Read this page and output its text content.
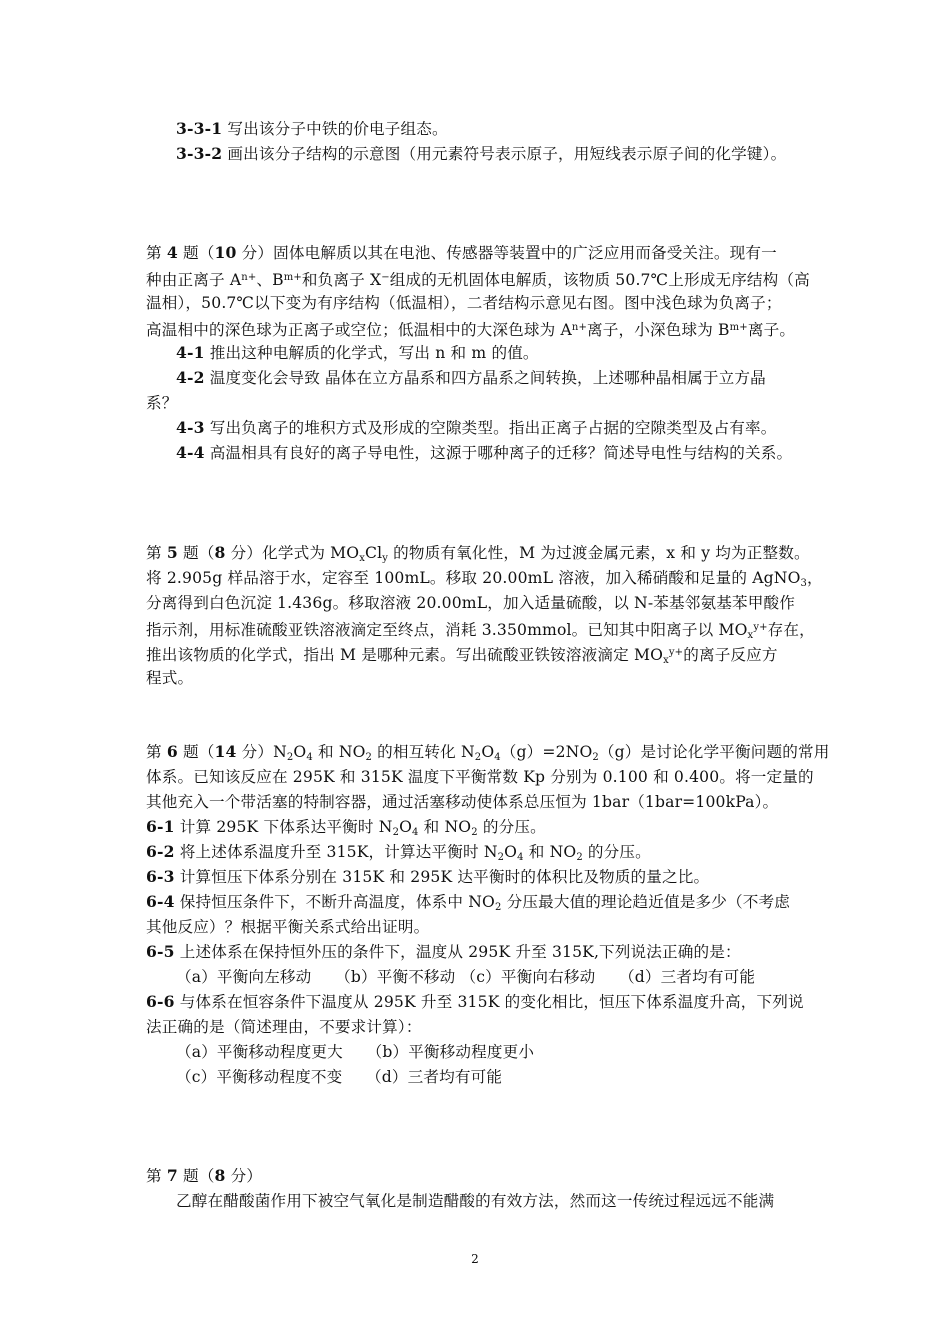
3-3-1 写出该分子中铁的价电子组态。
3-3-2 画出该分子结构的示意图（用元素符号表示原子，用短线表示原子间的化学键）。
第 4 题（10 分）固体电解质以其在电池、传感器等装置中的广泛应用而备受关注。现有一
种由正离子 $A^{n+}$、$B^{m+}$和负离子 X−组成的无机固体电解质，该物质 50.7℃上形成无序结构（高
温相），50.7℃以下变为有序结构（低温相），二者结构示意见右图。图中浅色球为负离子；
高温相中的深色球为正离子或空位；低温相中的大深色球为 $A^{n+}$离子，小深色球为 $B^{m+}$离子。
4-1 推出这种电解质的化学式，写出 n 和 m 的值。
4-2 温度变化会导致 晶体在立方晶系和四方晶系之间转换，上述哪种晶相属于立方晶
系？
4-3 写出负离子的堆积方式及形成的空隙类型。指出正离子占据的空隙类型及占有率。
4-4 高温相具有良好的离子导电性，这源于哪种离子的迁移？简述导电性与结构的关系。
第 5 题（8 分）化学式为 $MO_xCl_y$ 的物质有氧化性，M 为过渡金属元素，x 和 y 均为正整数。
将 2.905g 样品溶于水，定容至 100mL。移取 20.00mL 溶液，加入稀硝酸和足量的 AgNO$_3$，
分离得到白色沉淀 1.436g。移取溶液 20.00mL，加入适量硫酸，以 N-苯基邻氨基苯甲酸作
指示剂，用标准硫酸亚铁溶液滴定至终点，消耗 3.350mmol。已知其中阳离子以 $MO_x^{y+}$存在，
推出该物质的化学式，指出 M 是哪种元素。写出硫酸亚铁铵溶液滴定 $MO_x^{y+}$的离子反应方
程式。
第 6 题（14 分）$N_2O_4$ 和 $NO_2$ 的相互转化 $N_2O_4(g)=2NO_2(g)$是讨论化学平衡问题的常用
体系。已知该反应在 295K 和 315K 温度下平衡常数 Kp 分别为 0.100 和 0.400。将一定量的
其他充入一个带活塞的特制容器，通过活塞移动使体系总压恒为 1bar（1bar=100kPa）。
6-1 计算 295K 下体系达平衡时 $N_2O_4$ 和 $NO_2$ 的分压。
6-2 将上述体系温度升至 315K，计算达平衡时 $N_2O_4$ 和 $NO_2$ 的分压。
6-3 计算恒压下体系分别在 315K 和 295K 达平衡时的体积比及物质的量之比。
6-4 保持恒压条件下，不断升高温度，体系中 $NO_2$ 分压最大值的理论趋近值是多少（不考虑
其他反应）？根据平衡关系式给出证明。
6-5 上述体系在保持恒外压的条件下，温度从 295K 升至 315K,下列说法正确的是：
（a）平衡向左移动　　（b）平衡不移动 （c）平衡向右移动　　（d）三者均有可能
6-6 与体系在恒容条件下温度从 295K 升至 315K 的变化相比，恒压下体系温度升高，下列说
法正确的是（简述理由，不要求计算）：
（a）平衡移动程度更大　　（b）平衡移动程度更小
（c）平衡移动程度不变　　（d）三者均有可能
第 7 题（8 分）
乙醇在醋酸菌作用下被空气氧化是制造醋酸的有效方法，然而这一传统过程远远不能满
2
